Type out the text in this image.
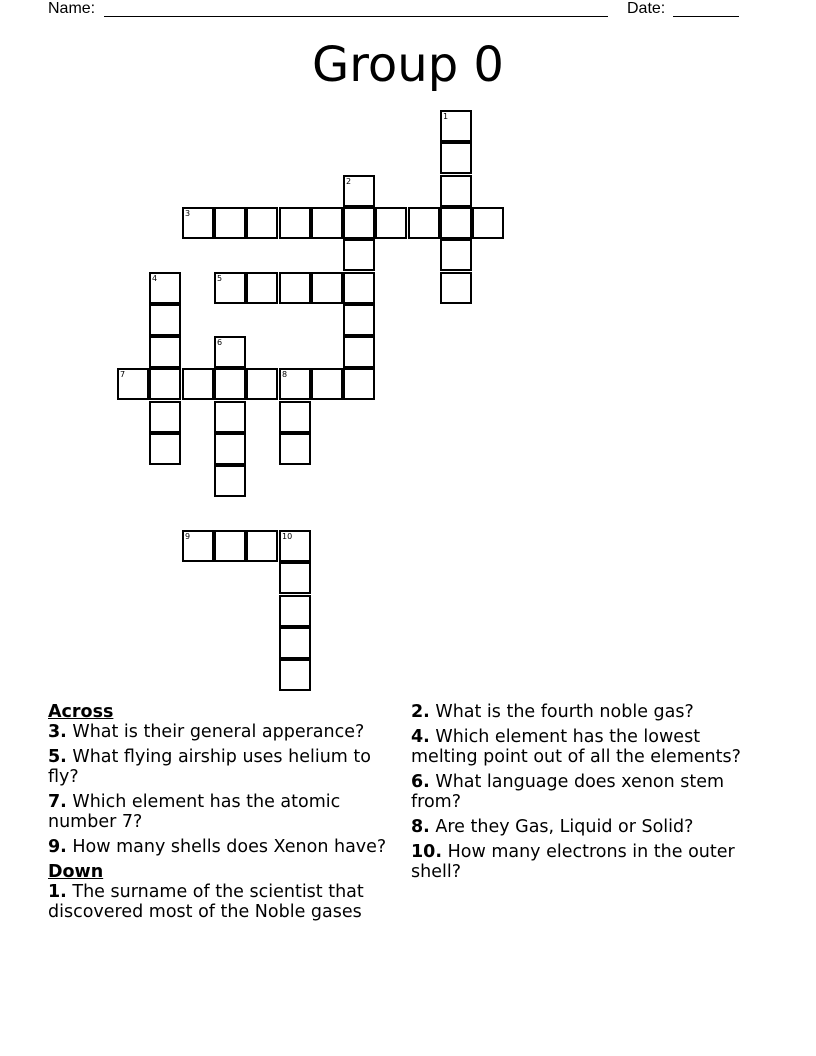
Name:	Date:
Group 0
1
2
3
4	5
6
7	8
9	10
Across
3. What is their general apperance?
5. What flying airship uses helium to fly?
7. Which element has the atomic number 7?
9. How many shells does Xenon have?
Down
1. The surname of the scientist that discovered most of the Noble gases
2. What is the fourth noble gas?
4. Which element has the lowest melting point out of all the elements?
6. What language does xenon stem from?
8. Are they Gas, Liquid or Solid?
10. How many electrons in the outer shell?
